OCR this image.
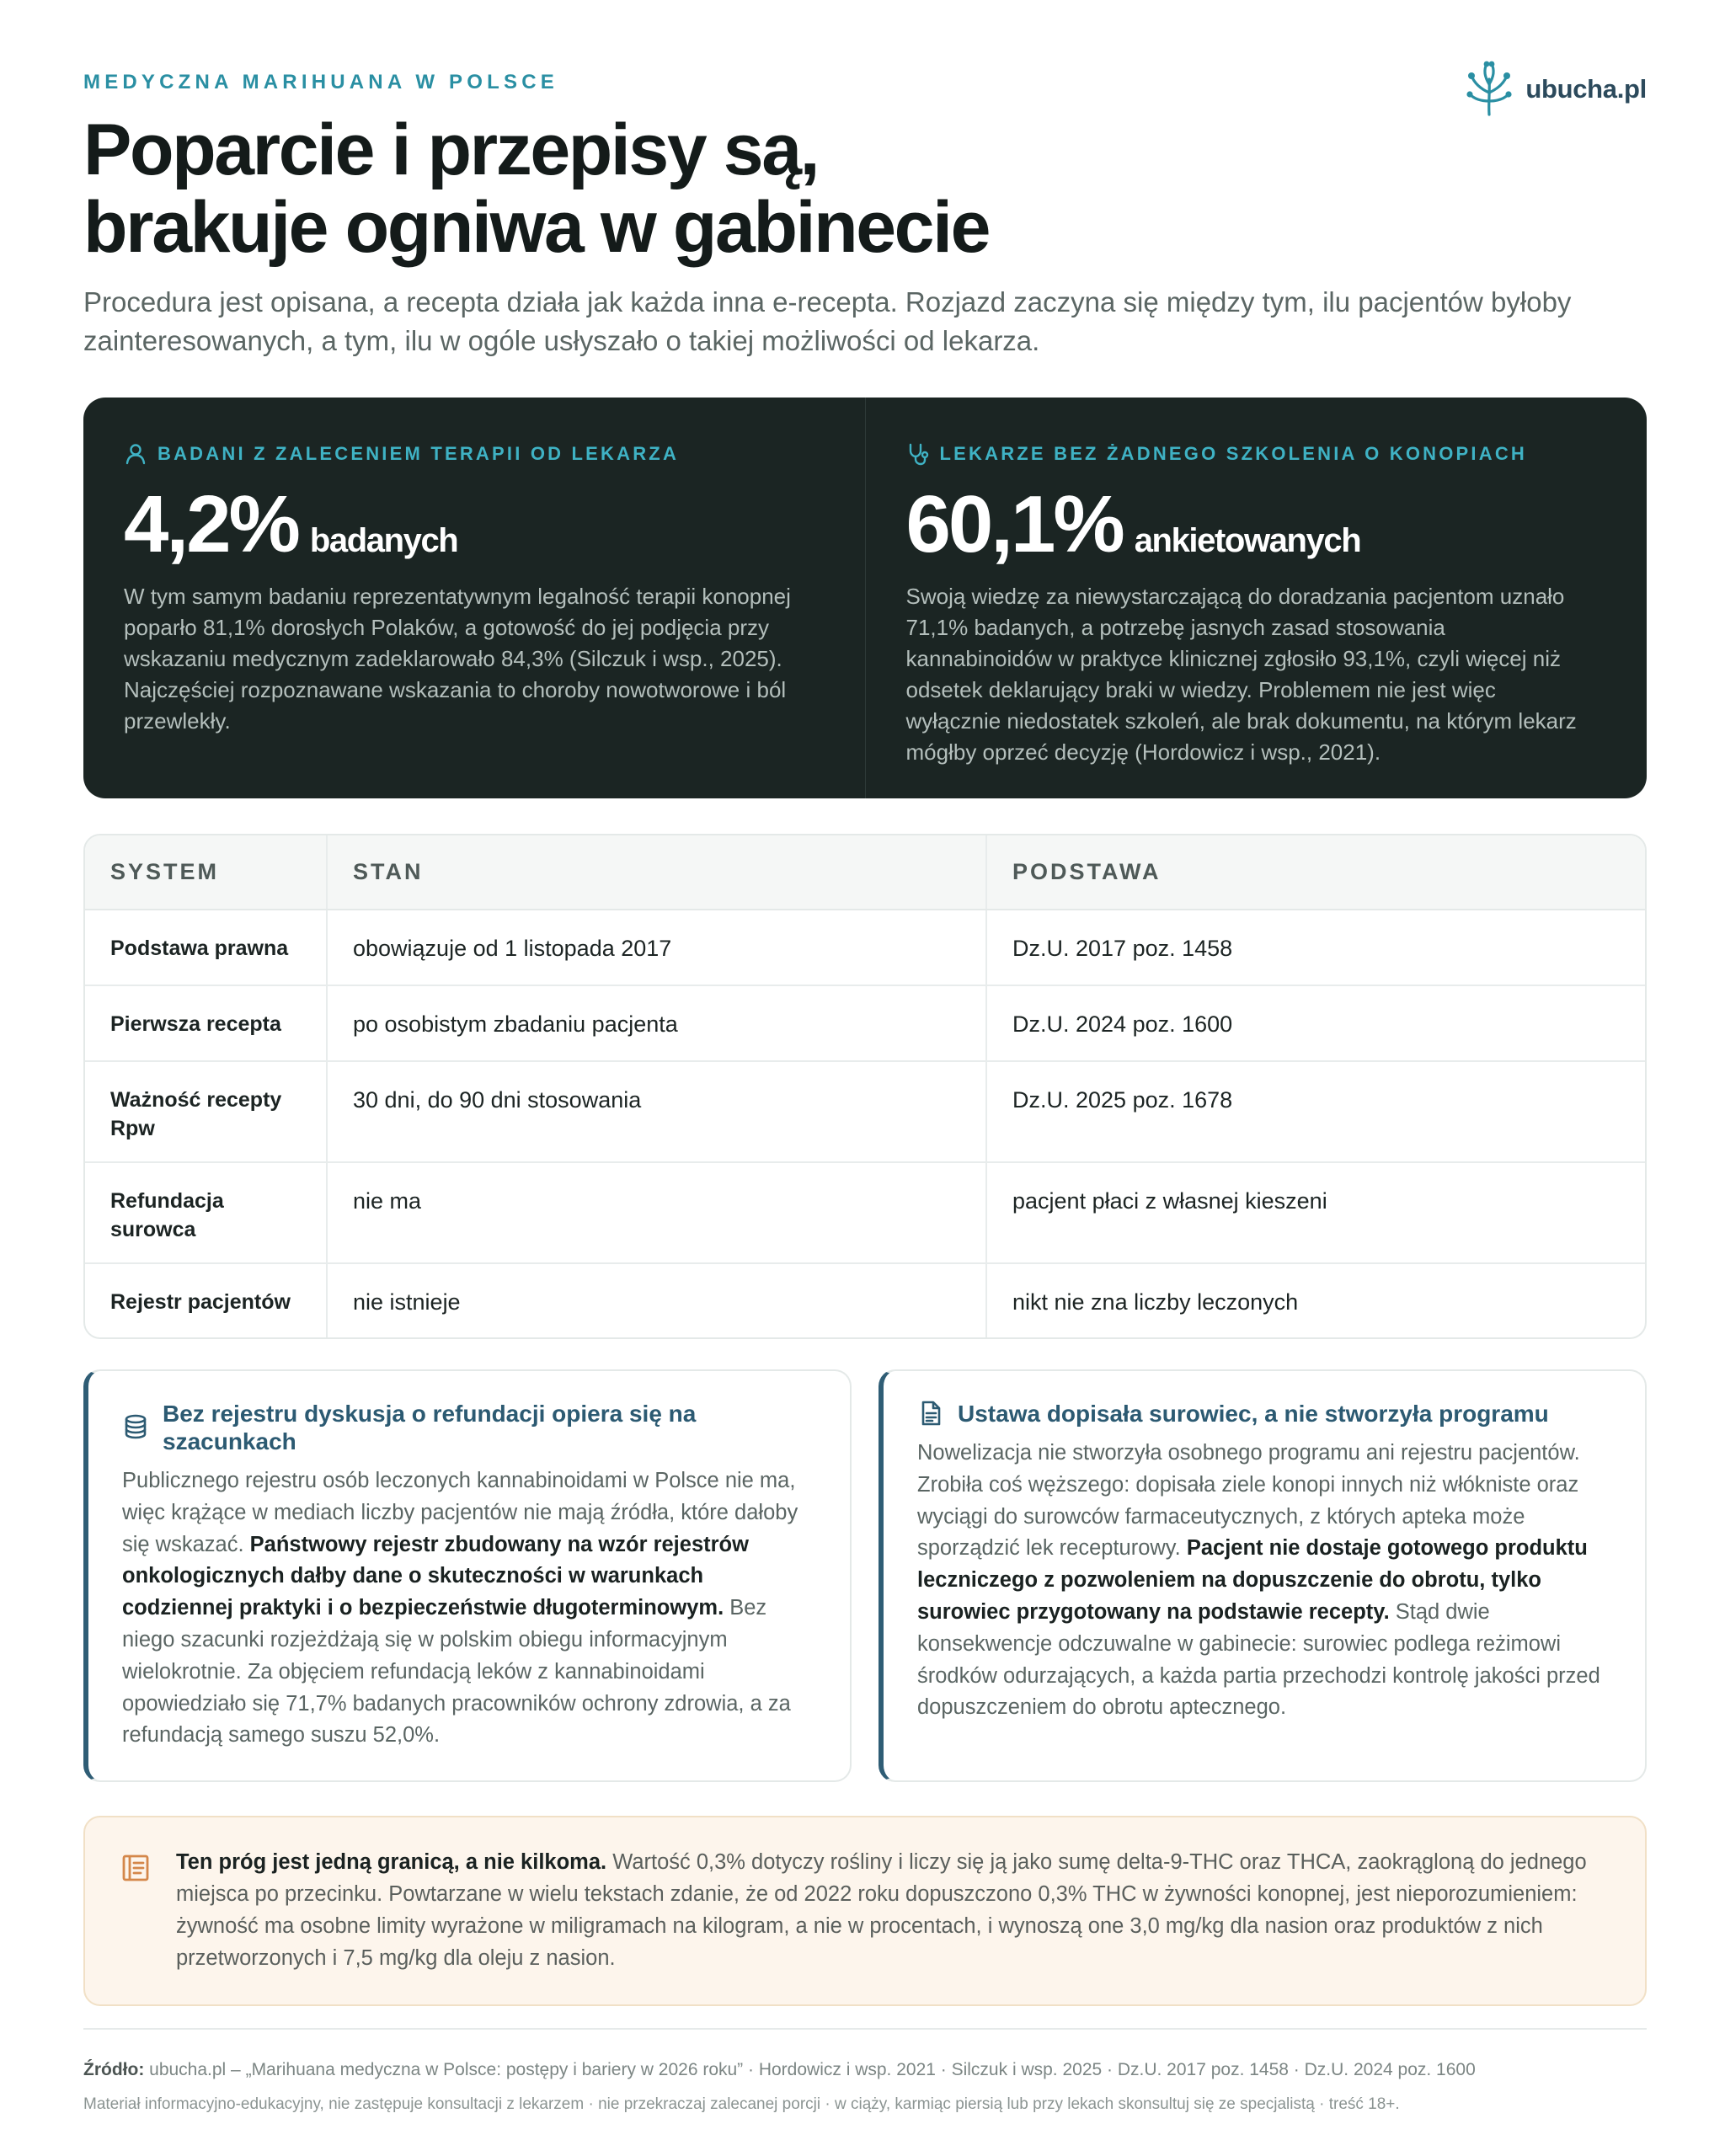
MEDYCZNA MARIHUANA W POLSCE	ubucha.pl
Poparcie i przepisy są,
brakuje ogniwa w gabinecie

Procedura jest opisana, a recepta działa jak każda inna e‑recepta. Rozjazd zaczyna się między tym, ilu pacjentów byłoby zainteresowanych, a tym, ilu w ogóle usłyszało o takiej możliwości od lekarza.

BADANI Z ZALECENIEM TERAPII OD LEKARZA
4,2% badanych

W tym samym badaniu reprezentatywnym legalność terapii konopnej poparło 81,1% dorosłych Polaków, a gotowość do jej podjęcia przy wskazaniu medycznym zadeklarowało 84,3% (Silczuk i wsp., 2025). Najczęściej rozpoznawane wskazania to choroby nowotworowe i ból przewlekły.

LEKARZE BEZ ŻADNEGO SZKOLENIA O KONOPIACH
60,1% ankietowanych

Swoją wiedzę za niewystarczającą do doradzania pacjentom uznało 71,1% badanych, a potrzebę jasnych zasad stosowania kannabinoidów w praktyce klinicznej zgłosiło 93,1%, czyli więcej niż odsetek deklarujący braki w wiedzy. Problemem nie jest więc wyłącznie niedostatek szkoleń, ale brak dokumentu, na którym lekarz mógłby oprzeć decyzję (Hordowicz i wsp., 2021).

SYSTEM	STAN	PODSTAWA
Podstawa prawna	obowiązuje od 1 listopada 2017	Dz.U. 2017 poz. 1458
Pierwsza recepta	po osobistym zbadaniu pacjenta	Dz.U. 2024 poz. 1600
Ważność recepty Rpw	30 dni, do 90 dni stosowania	Dz.U. 2025 poz. 1678
Refundacja surowca	nie ma	pacjent płaci z własnej kieszeni
Rejestr pacjentów	nie istnieje	nikt nie zna liczby leczonych
Bez rejestru dyskusja o refundacji opiera się na szacunkach

Publicznego rejestru osób leczonych kannabinoidami w Polsce nie ma, więc krążące w mediach liczby pacjentów nie mają źródła, które dałoby się wskazać. Państwowy rejestr zbudowany na wzór rejestrów onkologicznych dałby dane o skuteczności w warunkach codziennej praktyki i o bezpieczeństwie długoterminowym. Bez niego szacunki rozjeżdżają się w polskim obiegu informacyjnym wielokrotnie. Za objęciem refundacją leków z kannabinoidami opowiedziało się 71,7% badanych pracowników ochrony zdrowia, a za refundacją samego suszu 52,0%.

Ustawa dopisała surowiec, a nie stworzyła programu

Nowelizacja nie stworzyła osobnego programu ani rejestru pacjentów. Zrobiła coś węższego: dopisała ziele konopi innych niż włókniste oraz wyciągi do surowców farmaceutycznych, z których apteka może sporządzić lek recepturowy. Pacjent nie dostaje gotowego produktu leczniczego z pozwoleniem na dopuszczenie do obrotu, tylko surowiec przygotowany na podstawie recepty. Stąd dwie konsekwencje odczuwalne w gabinecie: surowiec podlega reżimowi środków odurzających, a każda partia przechodzi kontrolę jakości przed dopuszczeniem do obrotu aptecznego.

Ten próg jest jedną granicą, a nie kilkoma. Wartość 0,3% dotyczy rośliny i liczy się ją jako sumę delta‑9‑THC oraz THCA, zaokrągloną do jednego miejsca po przecinku. Powtarzane w wielu tekstach zdanie, że od 2022 roku dopuszczono 0,3% THC w żywności konopnej, jest nieporozumieniem: żywność ma osobne limity wyrażone w miligramach na kilogram, a nie w procentach, i wynoszą one 3,0 mg/kg dla nasion oraz produktów z nich przetworzonych i 7,5 mg/kg dla oleju z nasion.

Źródło: ubucha.pl – „Marihuana medyczna w Polsce: postępy i bariery w 2026 roku” · Hordowicz i wsp. 2021 · Silczuk i wsp. 2025 · Dz.U. 2017 poz. 1458 · Dz.U. 2024 poz. 1600

Materiał informacyjno‑edukacyjny, nie zastępuje konsultacji z lekarzem · nie przekraczaj zalecanej porcji · w ciąży, karmiąc piersią lub przy lekach skonsultuj się ze specjalistą · treść 18+.
